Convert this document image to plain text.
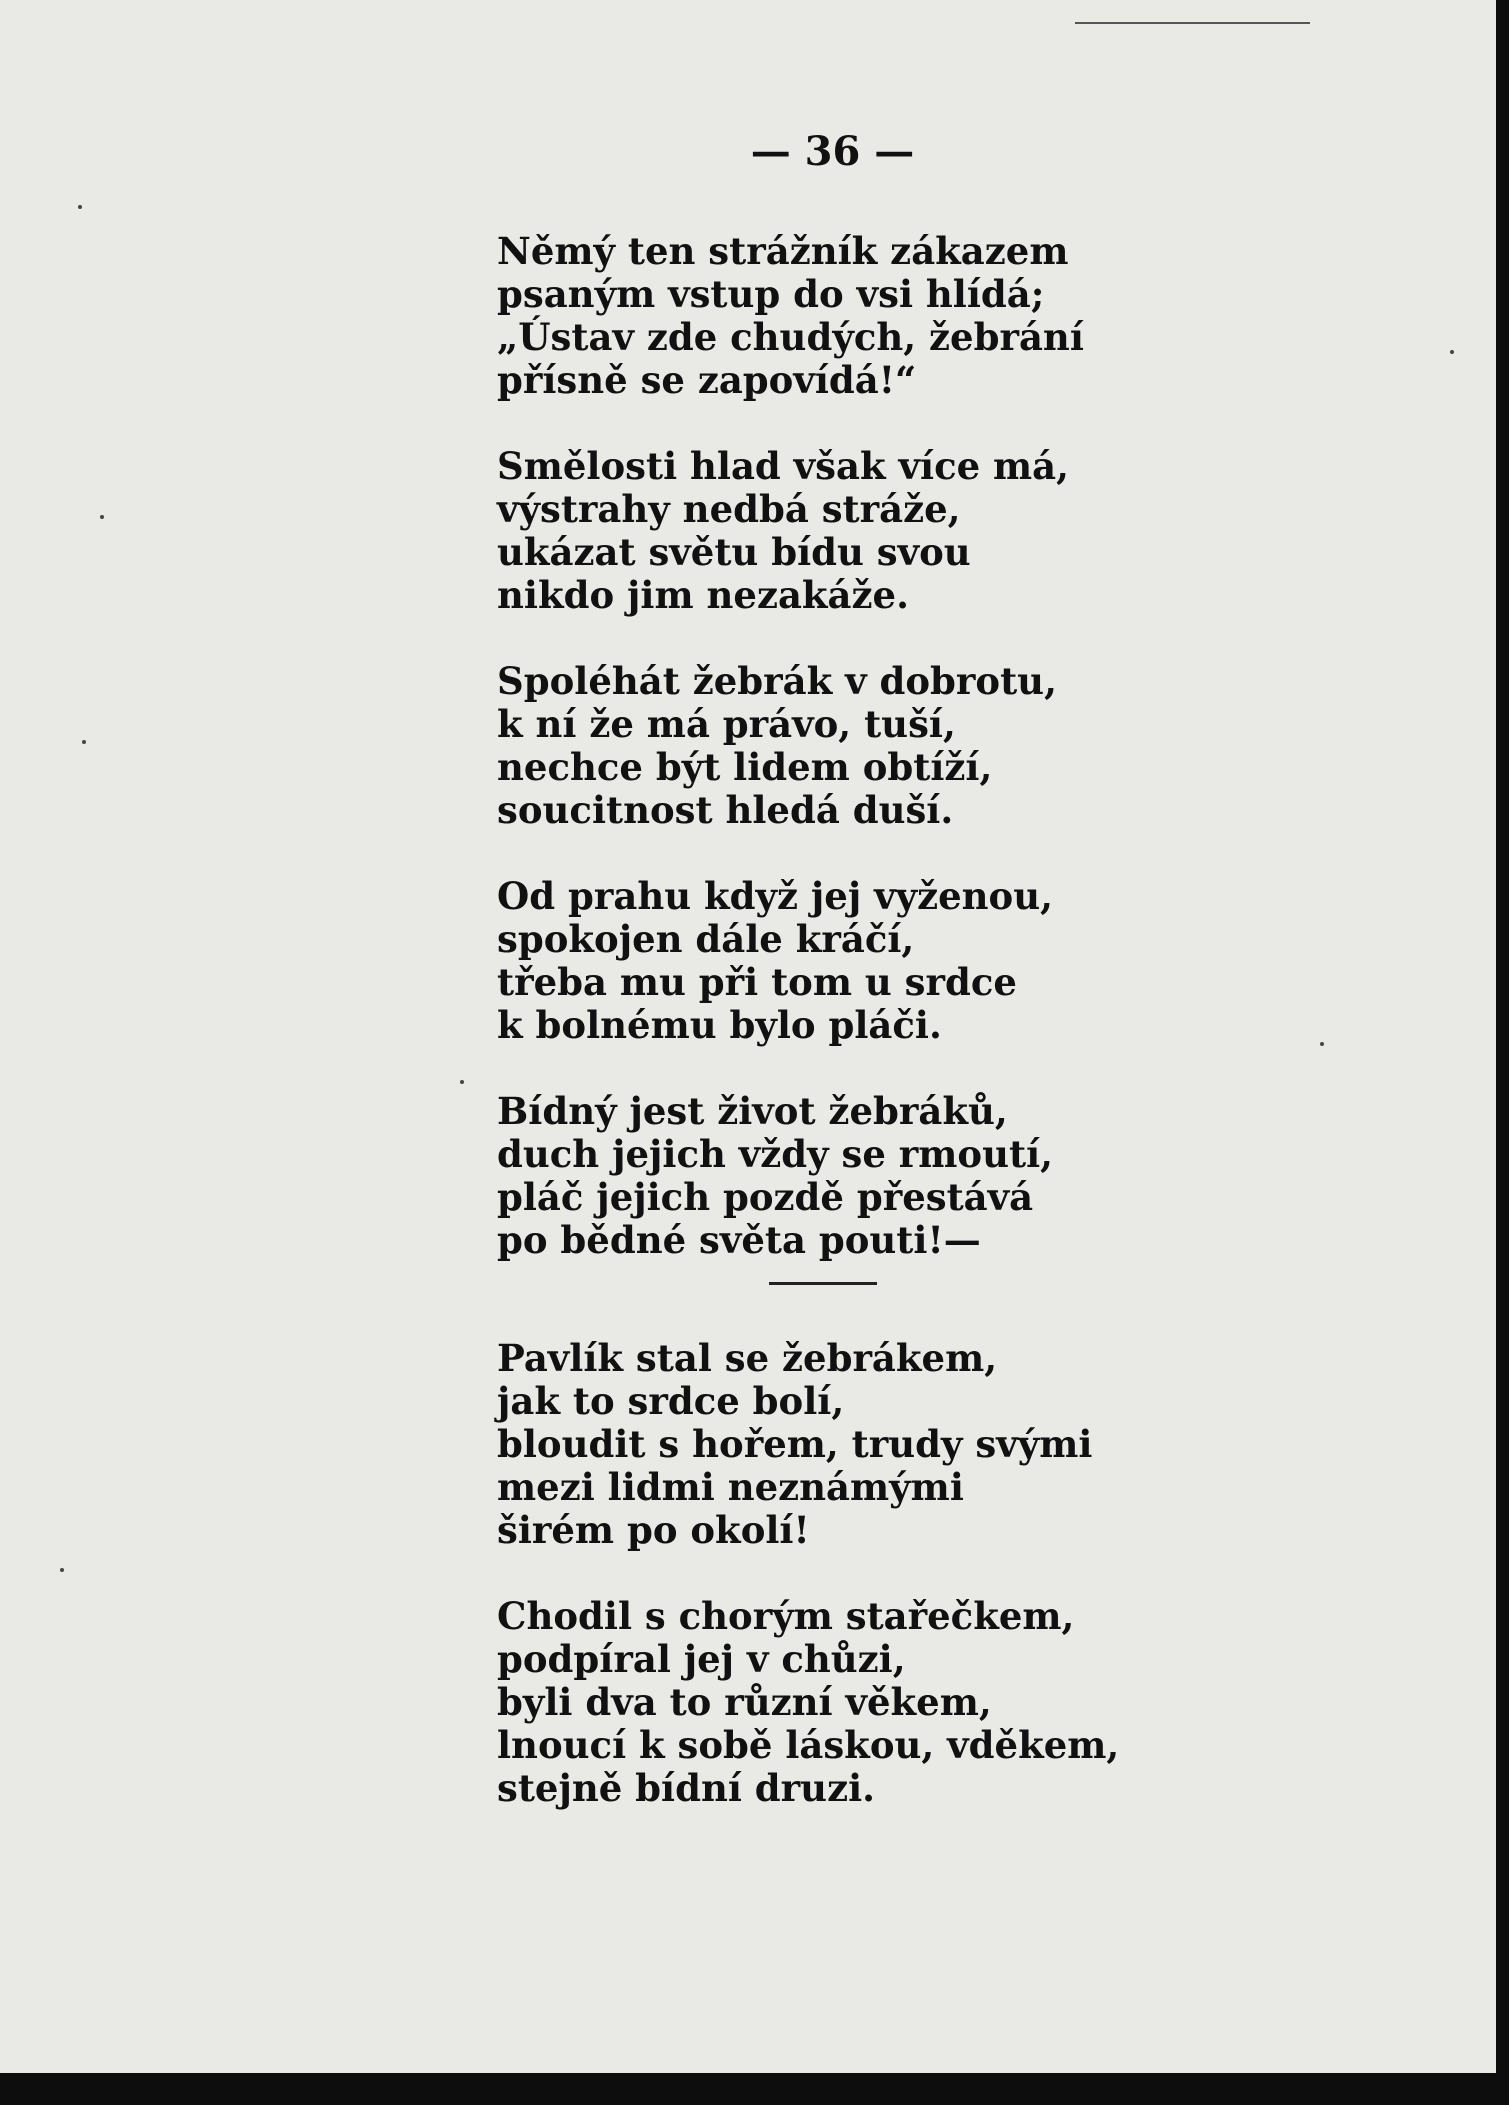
— 36 —
Němý ten strážník zákazem
psaným vstup do vsi hlídá;
„Ústav zde chudých, žebrání
přísně se zapovídá!“
Smělosti hlad však více má,
výstrahy nedbá stráže,
ukázat světu bídu svou
nikdo jim nezakáže.
Spoléhát žebrák v dobrotu,
k ní že má právo, tuší,
nechce být lidem obtíží,
soucitnost hledá duší.
Od prahu když jej vyženou,
spokojen dále kráčí,
třeba mu při tom u srdce
k bolnému bylo pláči.
Bídný jest život žebráků,
duch jejich vždy se rmoutí,
pláč jejich pozdě přestává
po bědné světa pouti!—
Pavlík stal se žebrákem,
jak to srdce bolí,
bloudit s hořem, trudy svými
mezi lidmi neznámými
širém po okolí!
Chodil s chorým stařečkem,
podpíral jej v chůzi,
byli dva to různí věkem,
lnoucí k sobě láskou, vděkem,
stejně bídní druzi.
